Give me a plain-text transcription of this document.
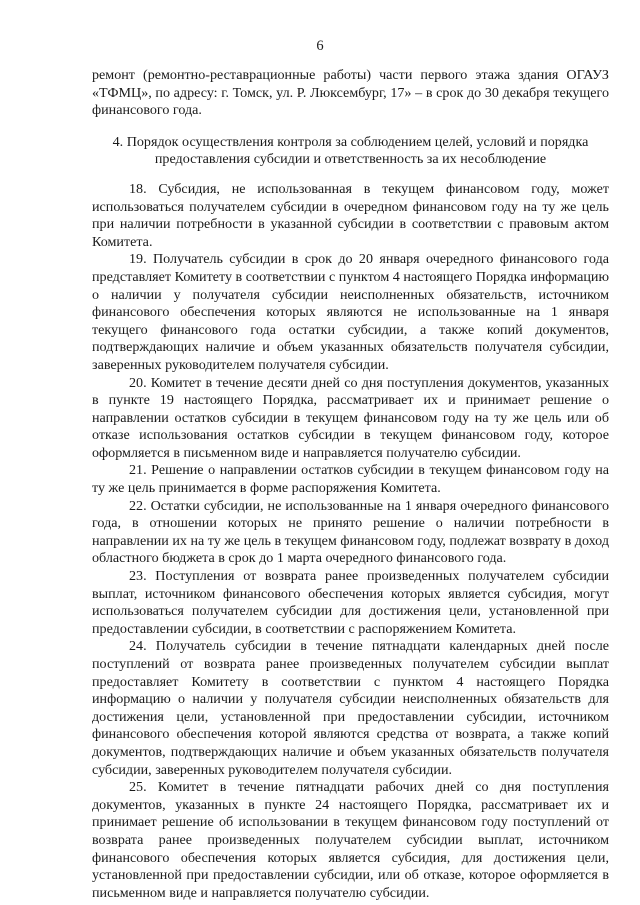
6

ремонт (ремонтно-реставрационные работы) части первого этажа здания ОГАУЗ «ТФМЦ», по адресу: г. Томск, ул. Р. Люксембург, 17» – в срок до 30 декабря текущего финансового года.

4. Порядок осуществления контроля за соблюдением целей, условий и порядка
предоставления субсидии и ответственность за их несоблюдение

18. Субсидия, не использованная в текущем финансовом году, может использоваться получателем субсидии в очередном финансовом году на ту же цель при наличии потребности в указанной субсидии в соответствии с правовым актом Комитета.

19. Получатель субсидии в срок до 20 января очередного финансового года представляет Комитету в соответствии с пунктом 4 настоящего Порядка информацию о наличии у получателя субсидии неисполненных обязательств, источником финансового обеспечения которых являются не использованные на 1 января текущего финансового года остатки субсидии, а также копий документов, подтверждающих наличие и объем указанных обязательств получателя субсидии, заверенных руководителем получателя субсидии.

20. Комитет в течение десяти дней со дня поступления документов, указанных в пункте 19 настоящего Порядка, рассматривает их и принимает решение о направлении остатков субсидии в текущем финансовом году на ту же цель или об отказе использования остатков субсидии в текущем финансовом году, которое оформляется в письменном виде и направляется получателю субсидии.

21. Решение о направлении остатков субсидии в текущем финансовом году на ту же цель принимается в форме распоряжения Комитета.

22. Остатки субсидии, не использованные на 1 января очередного финансового года, в отношении которых не принято решение о наличии потребности в направлении их на ту же цель в текущем финансовом году, подлежат возврату в доход областного бюджета в срок до 1 марта очередного финансового года.

23. Поступления от возврата ранее произведенных получателем субсидии выплат, источником финансового обеспечения которых является субсидия, могут использоваться получателем субсидии для достижения цели, установленной при предоставлении субсидии, в соответствии с распоряжением Комитета.

24. Получатель субсидии в течение пятнадцати календарных дней после поступлений от возврата ранее произведенных получателем субсидии выплат предоставляет Комитету в соответствии с пунктом 4 настоящего Порядка информацию о наличии у получателя субсидии неисполненных обязательств для достижения цели, установленной при предоставлении субсидии, источником финансового обеспечения которой являются средства от возврата, а также копий документов, подтверждающих наличие и объем указанных обязательств получателя субсидии, заверенных руководителем получателя субсидии.

25. Комитет в течение пятнадцати рабочих дней со дня поступления документов, указанных в пункте 24 настоящего Порядка, рассматривает их и принимает решение об использовании в текущем финансовом году поступлений от возврата ранее произведенных получателем субсидии выплат, источником финансового обеспечения которых является субсидия, для достижения цели, установленной при предоставлении субсидии, или об отказе, которое оформляется в письменном виде и направляется получателю субсидии.
